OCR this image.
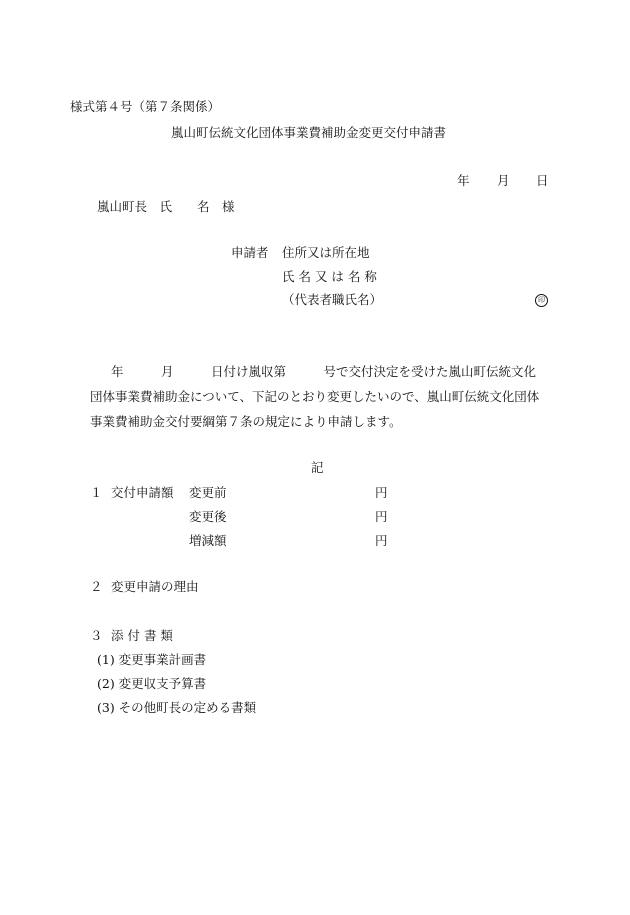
様式第４号（第７条関係）
嵐山町伝統文化団体事業費補助金変更交付申請書
年 月 日
嵐山町長　氏　　名　様
申請者 住所又は所在地
氏 名 又 は 名 称
（代表者職氏名）	印
年　　　月　　　日付け嵐収第　　　号で交付決定を受けた嵐山町伝統文化
団体事業費補助金について、下記のとおり変更したいので、嵐山町伝統文化団体
事業費補助金交付要綱第７条の規定により申請します。
記
１ 交付申請額 変更前	円
変更後	円
増減額	円
２ 変更申請の理由
３ 添 付 書 類
(1) 変更事業計画書
(2) 変更収支予算書
(3) その他町長の定める書類
